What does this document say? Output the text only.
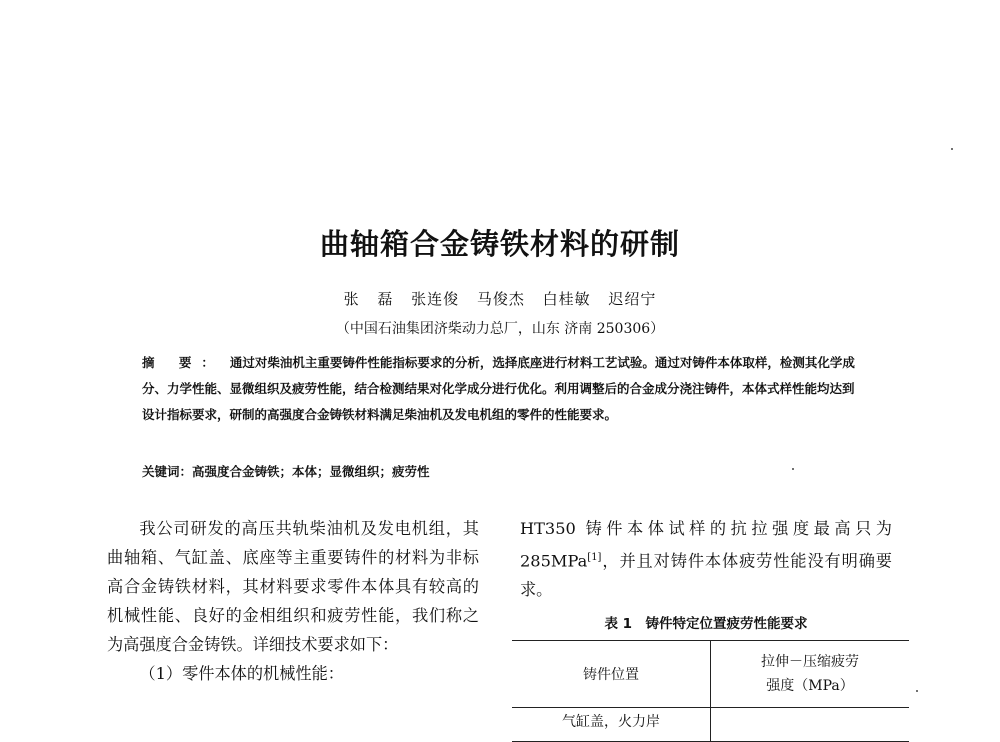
曲轴箱合金铸铁材料的研制
张 磊 张连俊 马俊杰 白桂敏 迟绍宁
（中国石油集团济柴动力总厂，山东 济南 250306）
摘 要： 通过对柴油机主重要铸件性能指标要求的分析，选择底座进行材料工艺试验。通过对铸件本体取样，检测其化学成分、力学性能、显微组织及疲劳性能，结合检测结果对化学成分进行优化。利用调整后的合金成分浇注铸件，本体式样性能均达到设计指标要求，研制的高强度合金铸铁材料满足柴油机及发电机组的零件的性能要求。
关键词：高强度合金铸铁；本体；显微组织；疲劳性
我公司研发的高压共轨柴油机及发电机组，其曲轴箱、气缸盖、底座等主重要铸件的材料为非标高合金铸铁材料，其材料要求零件本体具有较高的机械性能、良好的金相组织和疲劳性能，我们称之为高强度合金铸铁。详细技术要求如下：
（1）零件本体的机械性能：
HT350 铸件本体试样的抗拉强度最高只为 285MPa[1]，并且对铸件本体疲劳性能没有明确要求。
表 1　铸件特定位置疲劳性能要求
铸件位置	拉伸－压缩疲劳
强度（MPa）

气缸盖，火力岸	
